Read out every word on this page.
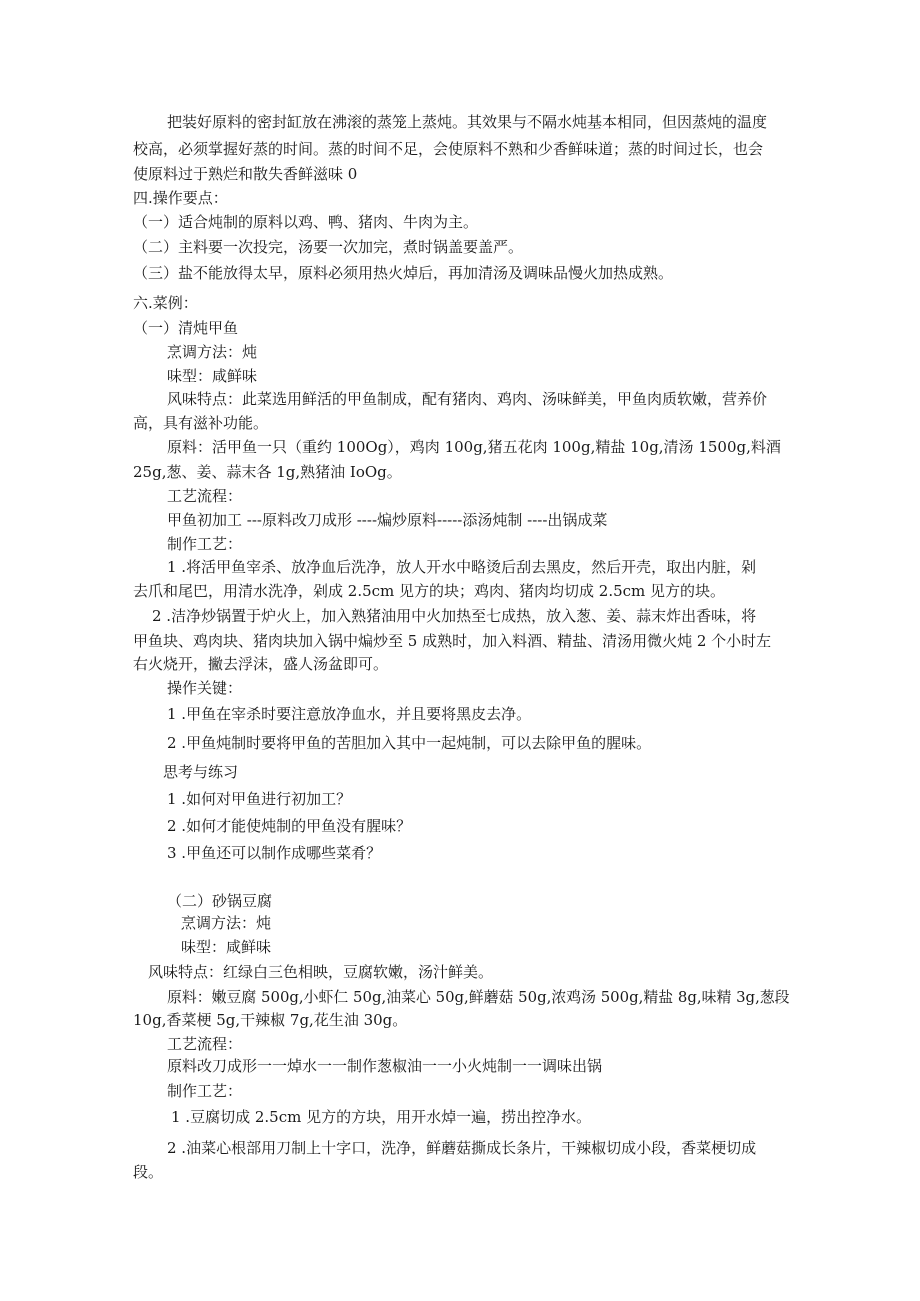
把装好原料的密封缸放在沸滚的蒸笼上蒸炖。其效果与不隔水炖基本相同，但因蒸炖的温度
校高，必须掌握好蒸的时间。蒸的时间不足，会使原料不熟和少香鲜味道；蒸的时间过长，也会
使原料过于熟烂和散失香鲜滋味 0
四.操作要点：
（一）适合炖制的原料以鸡、鸭、猪肉、牛肉为主。
（二）主料要一次投完，汤要一次加完，煮时锅盖要盖严。
（三）盐不能放得太早，原料必须用热火焯后，再加清汤及调味品慢火加热成熟。
六.菜例：
（一）清炖甲鱼
烹调方法：炖
味型：咸鲜味
风味特点：此菜选用鲜活的甲鱼制成，配有猪肉、鸡肉、汤味鲜美，甲鱼肉质软嫩，营养价
高，具有滋补功能。
原料：活甲鱼一只（重约 100Og），鸡肉 100g,猪五花肉 100g,精盐 10g,清汤 1500g,料酒
25g,葱、姜、蒜末各 1g,熟猪油 IoOg。
工艺流程：
甲鱼初加工 ---原料改刀成形 ----煸炒原料-----添汤炖制 ----出锅成菜
制作工艺：
1 .将活甲鱼宰杀、放净血后洗净，放人开水中略烫后刮去黑皮，然后开壳，取出内脏，剁
去爪和尾巴，用清水洗净，剁成 2.5cm 见方的块；鸡肉、猪肉均切成 2.5cm 见方的块。
2 .洁净炒锅置于炉火上，加入熟猪油用中火加热至七成热，放入葱、姜、蒜末炸出香味，将
甲鱼块、鸡肉块、猪肉块加入锅中煸炒至 5 成熟时，加入料酒、精盐、清汤用微火炖 2 个小时左
右火烧开，撇去浮沫，盛人汤盆即可。
操作关键：
1 .甲鱼在宰杀时要注意放净血水，并且要将黑皮去净。
2 .甲鱼炖制时要将甲鱼的苦胆加入其中一起炖制，可以去除甲鱼的腥味。
思考与练习
1 .如何对甲鱼进行初加工？
2 .如何才能使炖制的甲鱼没有腥味？
3 .甲鱼还可以制作成哪些菜肴？
（二）砂锅豆腐
烹调方法：炖
味型：咸鲜味
风味特点：红绿白三色相映，豆腐软嫩，汤汁鲜美。
原料：嫩豆腐 500g,小虾仁 50g,油菜心 50g,鲜蘑菇 50g,浓鸡汤 500g,精盐 8g,味精 3g,葱段
10g,香菜梗 5g,干辣椒 7g,花生油 30g。
工艺流程：
原料改刀成形一一焯水一一制作葱椒油一一小火炖制一一调味出锅
制作工艺：
1 .豆腐切成 2.5cm 见方的方块，用开水焯一遍，捞出控净水。
2 .油菜心根部用刀制上十字口，洗净，鲜蘑菇撕成长条片，干辣椒切成小段，香菜梗切成
段。
